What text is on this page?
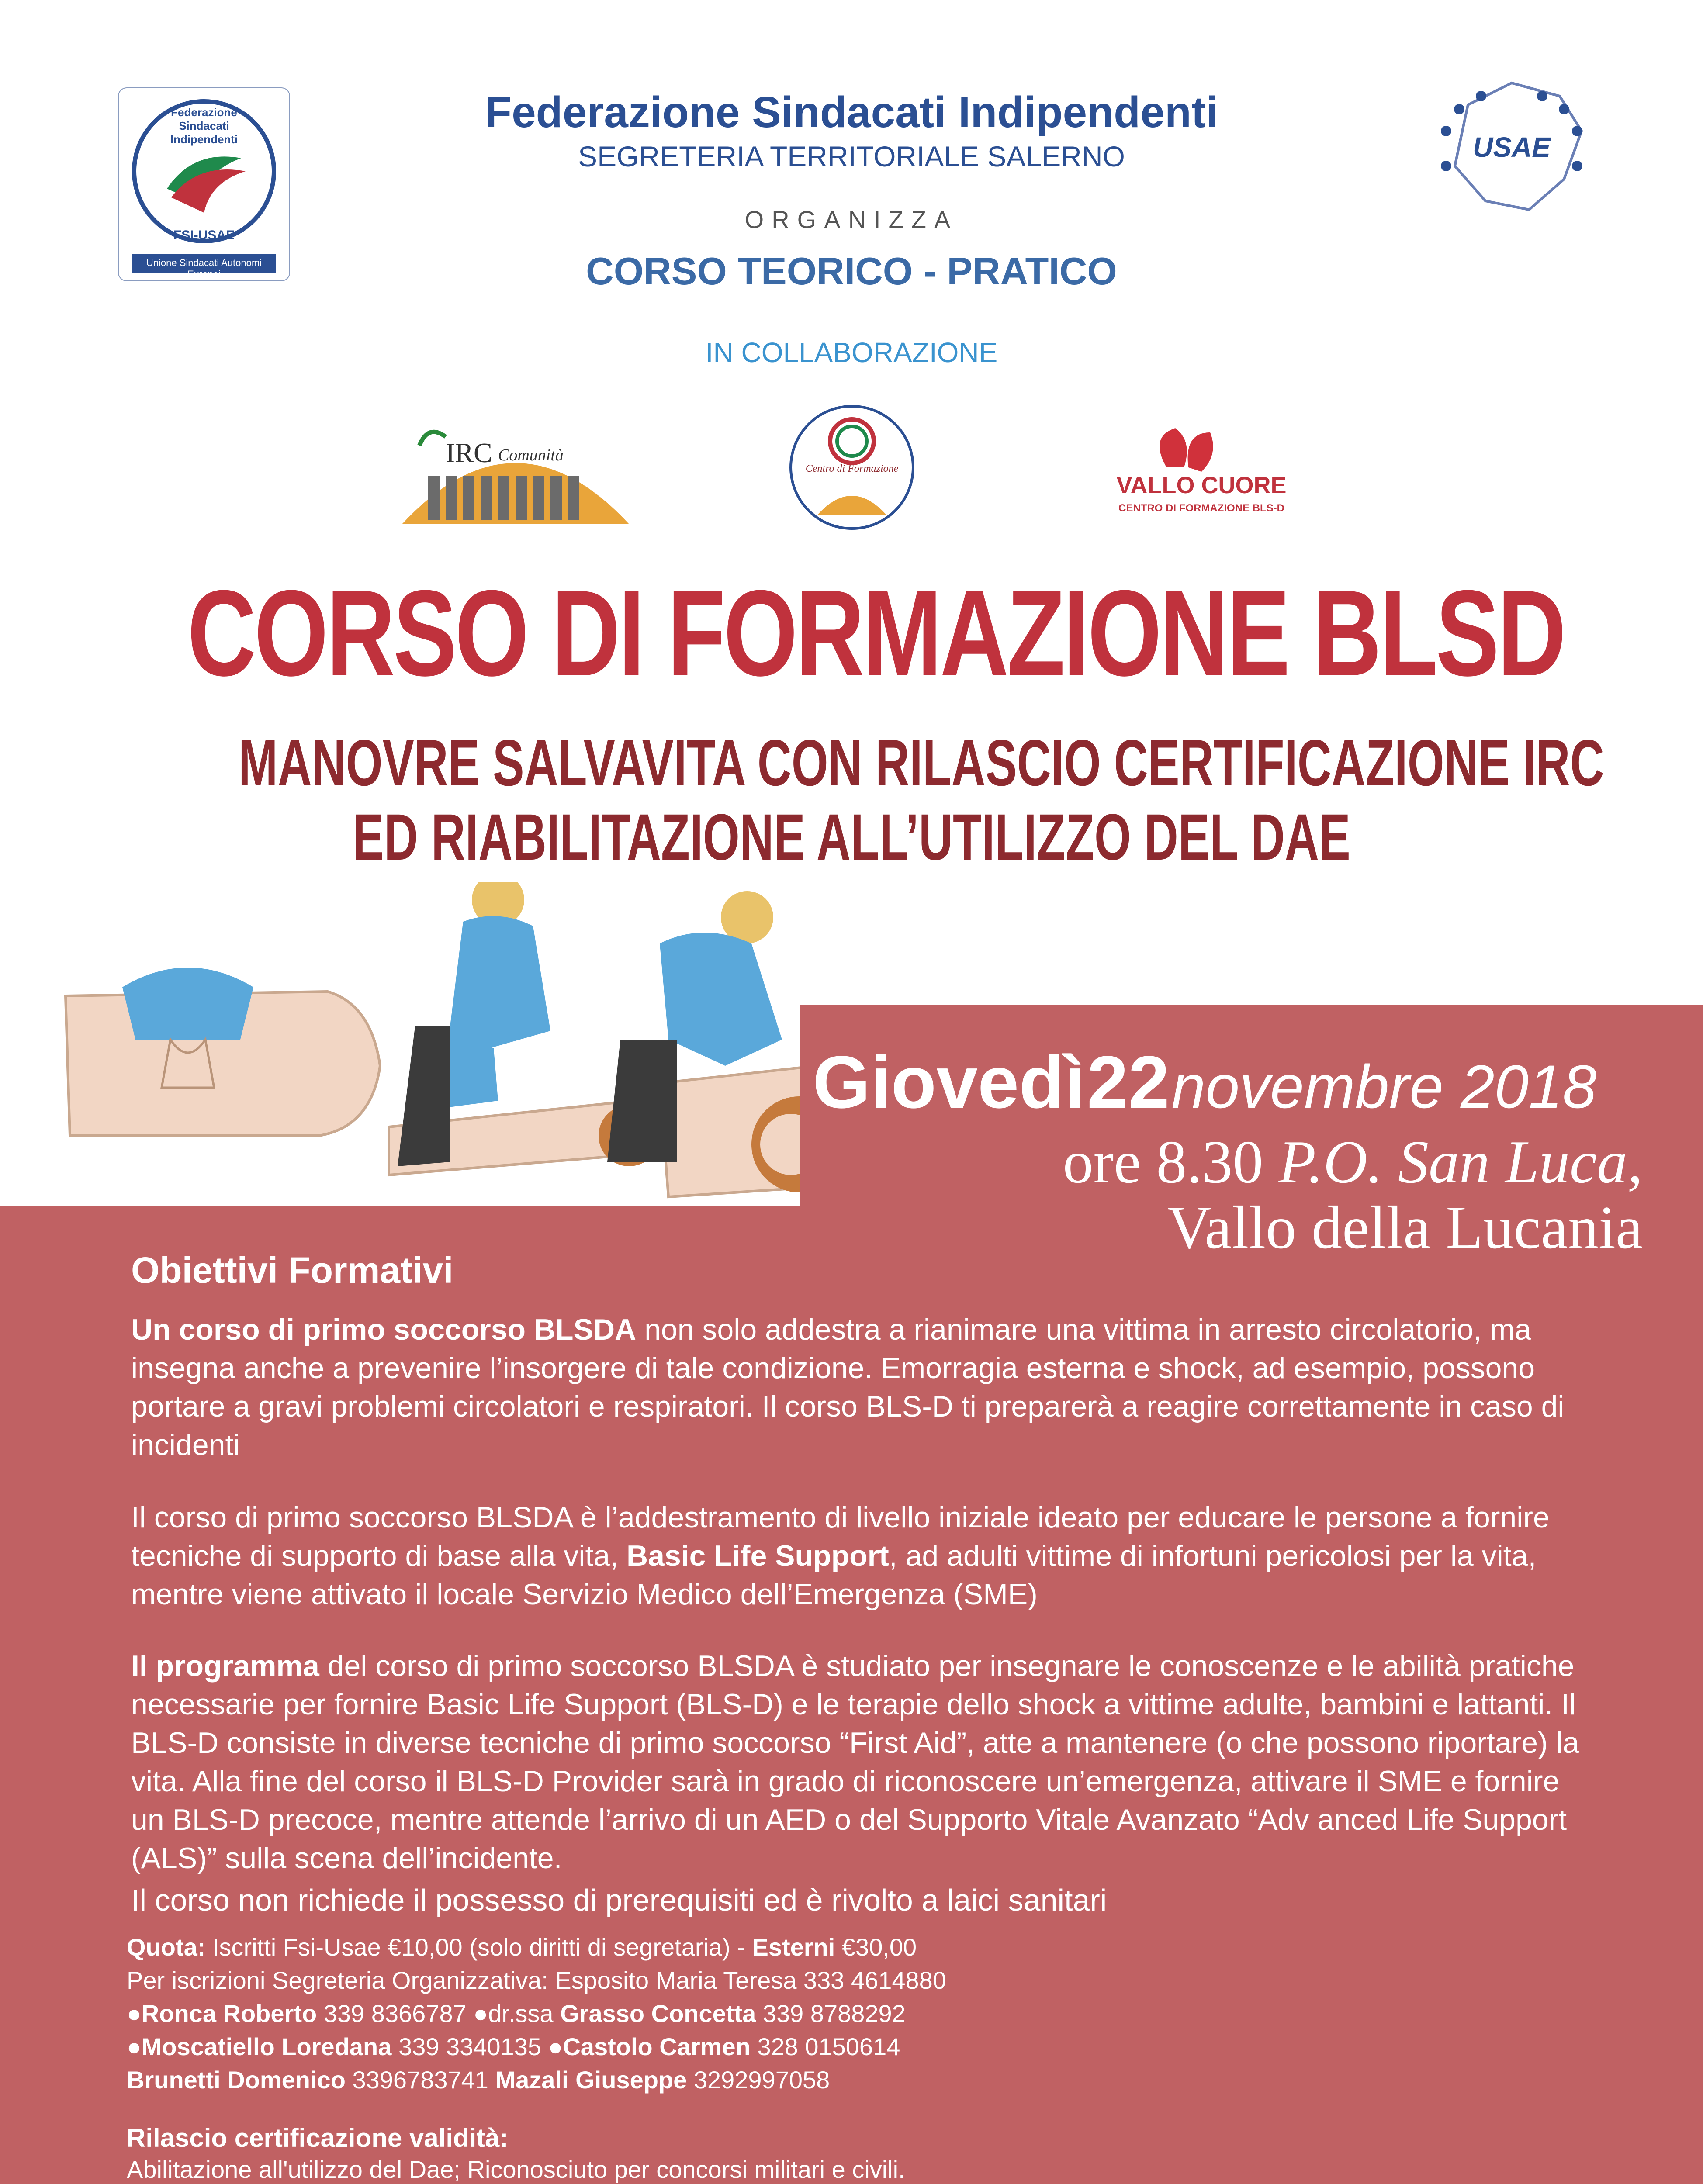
Federazione Sindacati Indipendenti
FSI-USAE
Unione Sindacati Autonomi Europei
Federazione Sindacati Indipendenti
SEGRETERIA TERRITORIALE SALERNO
ORGANIZZA
CORSO TEORICO - PRATICO
IN COLLABORAZIONE
USAE
IRC Comunità
Centro di Formazione
VALLO CUORE
CENTRO DI FORMAZIONE BLS-D
CORSO DI FORMAZIONE BLSD
MANOVRE SALVAVITA CON RILASCIO CERTIFICAZIONE IRC
ED RIABILITAZIONE ALL’UTILIZZO DEL DAE
Giovedì 22 novembre 2018
ore 8.30 P.O. San Luca,
Vallo della Lucania
Obiettivi Formativi
Un corso di primo soccorso BLSDA non solo addestra a rianimare una vittima in arresto circolatorio, ma insegna anche a prevenire l’insorgere di tale condizione. Emorragia esterna e shock, ad esempio, possono portare a gravi problemi circolatori e respiratori. Il corso BLS-D ti preparerà a reagire correttamente in caso di incidenti
Il corso di primo soccorso BLSDA è l’addestramento di livello iniziale ideato per educare le persone a fornire tecniche di supporto di base alla vita, Basic Life Support, ad adulti vittime di infortuni pericolosi per la vita, mentre viene attivato il locale Servizio Medico dell’Emergenza (SME)
Il programma del corso di primo soccorso BLSDA è studiato per insegnare le conoscenze e le abilità pratiche necessarie per fornire Basic Life Support (BLS-D) e le terapie dello shock a vittime adulte, bambini e lattanti. Il BLS-D consiste in diverse tecniche di primo soccorso “First Aid”, atte a mantenere (o che possono riportare) la vita. Alla fine del corso il BLS-D Provider sarà in grado di riconoscere un’emergenza, attivare il SME e fornire un BLS-D precoce, mentre attende l’arrivo di un AED o del Supporto Vitale Avanzato “Adv anced Life Support (ALS)” sulla scena dell’incidente.
Il corso non richiede il possesso di prerequisiti ed è rivolto a laici sanitari
Quota: Iscritti Fsi-Usae €10,00 (solo diritti di segretaria) - Esterni €30,00
Per iscrizioni Segreteria Organizzativa: Esposito Maria Teresa 333 4614880
●Ronca Roberto 339 8366787 ●dr.ssa Grasso Concetta 339 8788292
●Moscatiello Loredana 339 3340135 ●Castolo Carmen 328 0150614
Brunetti Domenico 3396783741 Mazali Giuseppe 3292997058
Rilascio certificazione validità:
Abilitazione all'utilizzo del Dae; Riconosciuto per concorsi militari e civili.
